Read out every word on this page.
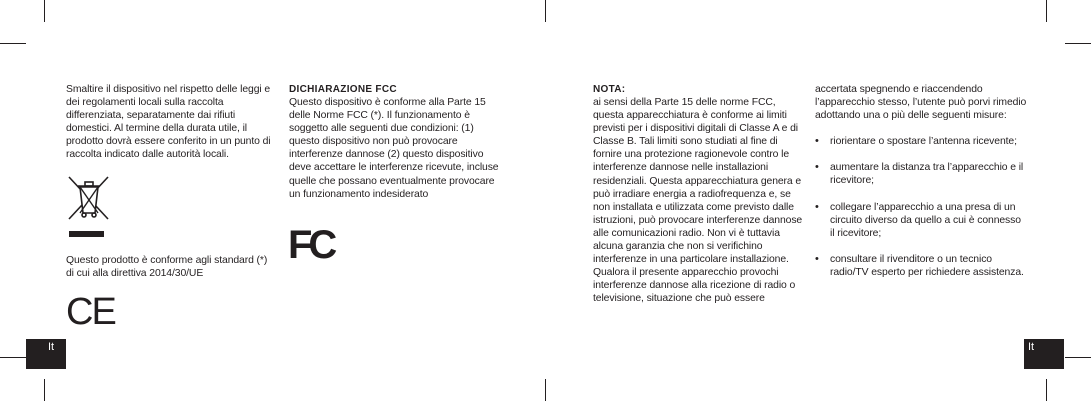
Smaltire il dispositivo nel rispetto delle leggi e dei regolamenti locali sulla raccolta differenziata, separatamente dai rifiuti domestici. Al termine della durata utile, il prodotto dovrà essere conferito in un punto di raccolta indicato dalle autorità locali.

Questo prodotto è conforme agli standard (*) di cui alla direttiva 2014/30/UE

CE

DICHIARAZIONE FCC

Questo dispositivo è conforme alla Parte 15 delle Norme FCC (*). Il funzionamento è soggetto alle seguenti due condizioni: (1) questo dispositivo non può provocare interferenze dannose (2) questo dispositivo deve accettare le interferenze ricevute, incluse quelle che possano eventualmente provocare un funzionamento indesiderato

FC
It	It

NOTA:

ai sensi della Parte 15 delle norme FCC, questa apparecchiatura è conforme ai limiti previsti per i dispositivi digitali di Classe A e di Classe B. Tali limiti sono studiati al fine di fornire una protezione ragionevole contro le interferenze dannose nelle installazioni residenziali. Questa apparecchiatura genera e può irradiare energia a radiofrequenza e, se non installata e utilizzata come previsto dalle istruzioni, può provocare interferenze dannose alle comunicazioni radio. Non vi è tuttavia alcuna garanzia che non si verifichino interferenze in una particolare installazione. Qualora il presente apparecchio provochi interferenze dannose alla ricezione di radio o televisione, situazione che può essere

accertata spegnendo e riaccendendo l’apparecchio stesso, l’utente può porvi rimedio adottando una o più delle seguenti misure:

• riorientare o spostare l’antenna ricevente;
• aumentare la distanza tra l’apparecchio e il ricevitore;
• collegare l’apparecchio a una presa di un circuito diverso da quello a cui è connesso il ricevitore;
• consultare il rivenditore o un tecnico radio/TV esperto per richiedere assistenza.
